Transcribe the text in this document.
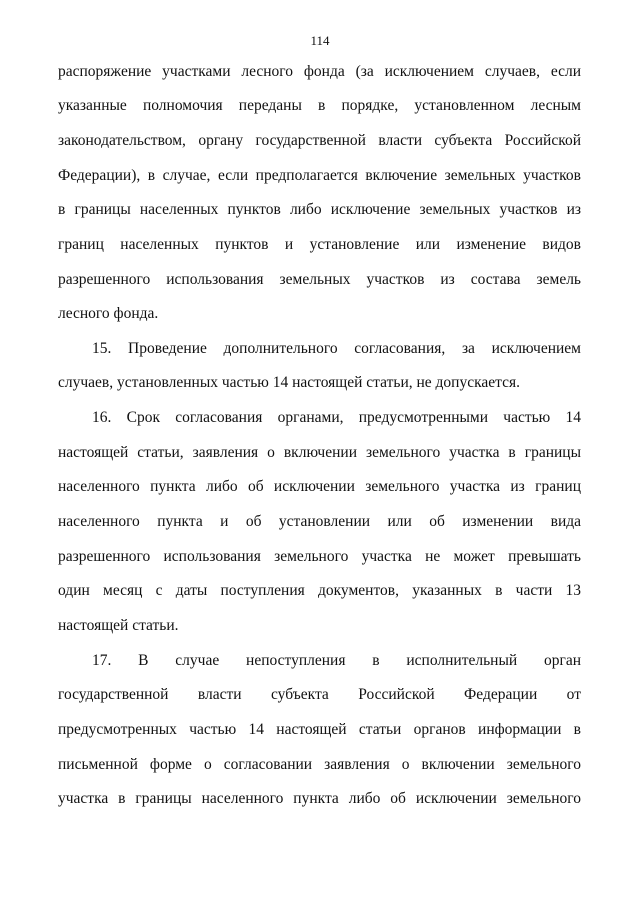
114
распоряжение участками лесного фонда (за исключением случаев, если
указанные полномочия переданы в порядке, установленном лесным
законодательством, органу государственной власти субъекта Российской
Федерации), в случае, если предполагается включение земельных участков
в границы населенных пунктов либо исключение земельных участков из
границ населенных пунктов и установление или изменение видов
разрешенного использования земельных участков из состава земель
лесного фонда.
15. Проведение дополнительного согласования, за исключением
случаев, установленных частью 14 настоящей статьи, не допускается.
16. Срок согласования органами, предусмотренными частью 14
настоящей статьи, заявления о включении земельного участка в границы
населенного пункта либо об исключении земельного участка из границ
населенного пункта и об установлении или об изменении вида
разрешенного использования земельного участка не может превышать
один месяц с даты поступления документов, указанных в части 13
настоящей статьи.
17. В случае непоступления в исполнительный орган
государственной власти субъекта Российской Федерации от
предусмотренных частью 14 настоящей статьи органов информации в
письменной форме о согласовании заявления о включении земельного
участка в границы населенного пункта либо об исключении земельного
